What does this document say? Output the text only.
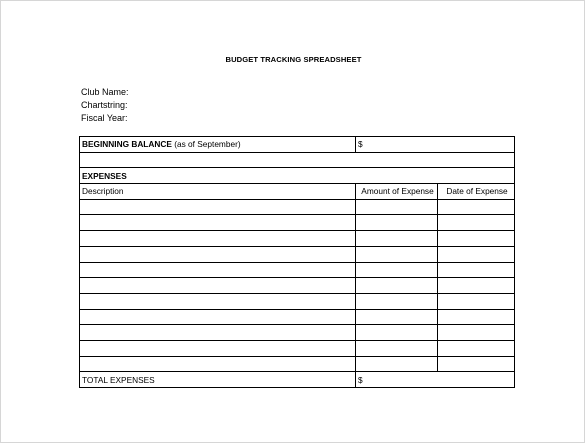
BUDGET TRACKING SPREADSHEET
Club Name:
Chartstring:
Fiscal Year:
BEGINNING BALANCE (as of September)	$	

EXPENSES		
Description	Amount of Expense	Date of Expense

TOTAL EXPENSES	$	
